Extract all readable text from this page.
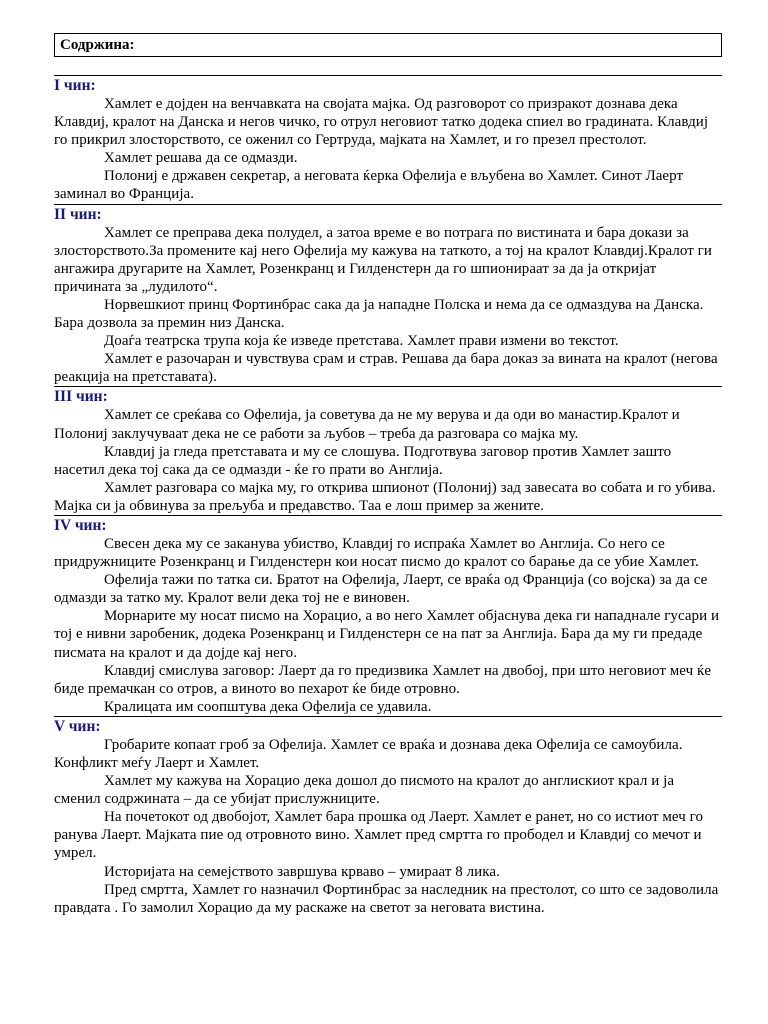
Содржина:
I чин:

Хамлет е дојден на венчавката на својата мајка. Од разговорот со призракот дознава дека Клавдиј, кралот на Данска и негов чичко, го отрул неговиот татко додека спиел во градината. Клавдиј го прикрил злосторството, се оженил со Гертруда, мајката на Хамлет, и го презел престолот.

Хамлет решава да се одмазди.

Полониј е државен секретар, а неговата ќерка Офелија е вљубена во Хамлет. Синот Лаерт заминал во Франција.

II чин:

Хамлет се преправа дека полудел, а затоа време е во потрага по вистината и бара докази за злосторството.За промените кај него Офелија му кажува на таткото, а тој на кралот Клавдиј.Кралот ги ангажира другарите на Хамлет, Розенкранц и Гилденстерн да го шпионираат за да ја откријат причината за „лудилото“.

Норвешкиот принц Фортинбрас сака да ја нападне Полска и нема да се одмаздува на Данска. Бара дозвола за премин низ Данска.

Доаѓа театрска трупа која ќе изведе претстава. Хамлет прави измени во текстот.

Хамлет е разочаран и чувствува срам и страв. Решава да бара доказ за вината на кралот (негова реакција на претставата).

III чин:

Хамлет се среќава со Офелија, ја советува да не му верува и да оди во манастир.Кралот и Полониј заклучуваат дека не се работи за љубов – треба да разговара со мајка му.

Клавдиј ја гледа претставата и му се слошува. Подготвува заговор против Хамлет зашто насетил дека тој сака да се одмазди - ќе го прати во Англија.

Хамлет разговара со мајка му, го открива шпионот (Полониј) зад завесата во собата и го убива. Мајка си ја обвинува за прељуба и предавство. Таа е лош пример за жените.

IV чин:

Свесен дека му се заканува убиство, Клавдиј го испраќа Хамлет во Англија. Со него се придружниците Розенкранц и Гилденстерн кои носат писмо до кралот со барање да се убие Хамлет.

Офелија тажи по татка си. Братот на Офелија, Лаерт, се враќа од Франција (со војска) за да се одмазди за татко му. Кралот вели дека тој не е виновен.

Морнарите му носат писмо на Хорацио, а во него Хамлет објаснува дека ги нападнале гусари и тој е нивни заробеник, додека Розенкранц и Гилденстерн се на пат за Англија. Бара да му ги предаде писмата на кралот и да дојде кај него.

Клавдиј смислува заговор: Лаерт да го предизвика Хамлет на двобој, при што неговиот меч ќе биде премачкан со отров, а виното во пехарот ќе биде отровно.

Кралицата им соопштува дека Офелија се удавила.

V чин:

Гробарите копаат гроб за Офелија. Хамлет се враќа и дознава дека Офелија се самоубила. Конфликт меѓу Лаерт и Хамлет.

Хамлет му кажува на Хорацио дека дошол до писмото на кралот до англискиот крал и ја сменил содржината – да се убијат прислужниците.

На почетокот од двобојот, Хамлет бара прошка од Лаерт. Хамлет е ранет, но со истиот меч го ранува Лаерт. Мајката пие од отровното вино. Хамлет пред смртта го прободел и Клавдиј со мечот и умрел.

Историјата на семејството завршува крваво – умираат 8 лика.

Пред смртта, Хамлет го назначил Фортинбрас за наследник на престолот, со што се задоволила правдата . Го замолил Хорацио да му раскаже на светот за неговата вистина.
